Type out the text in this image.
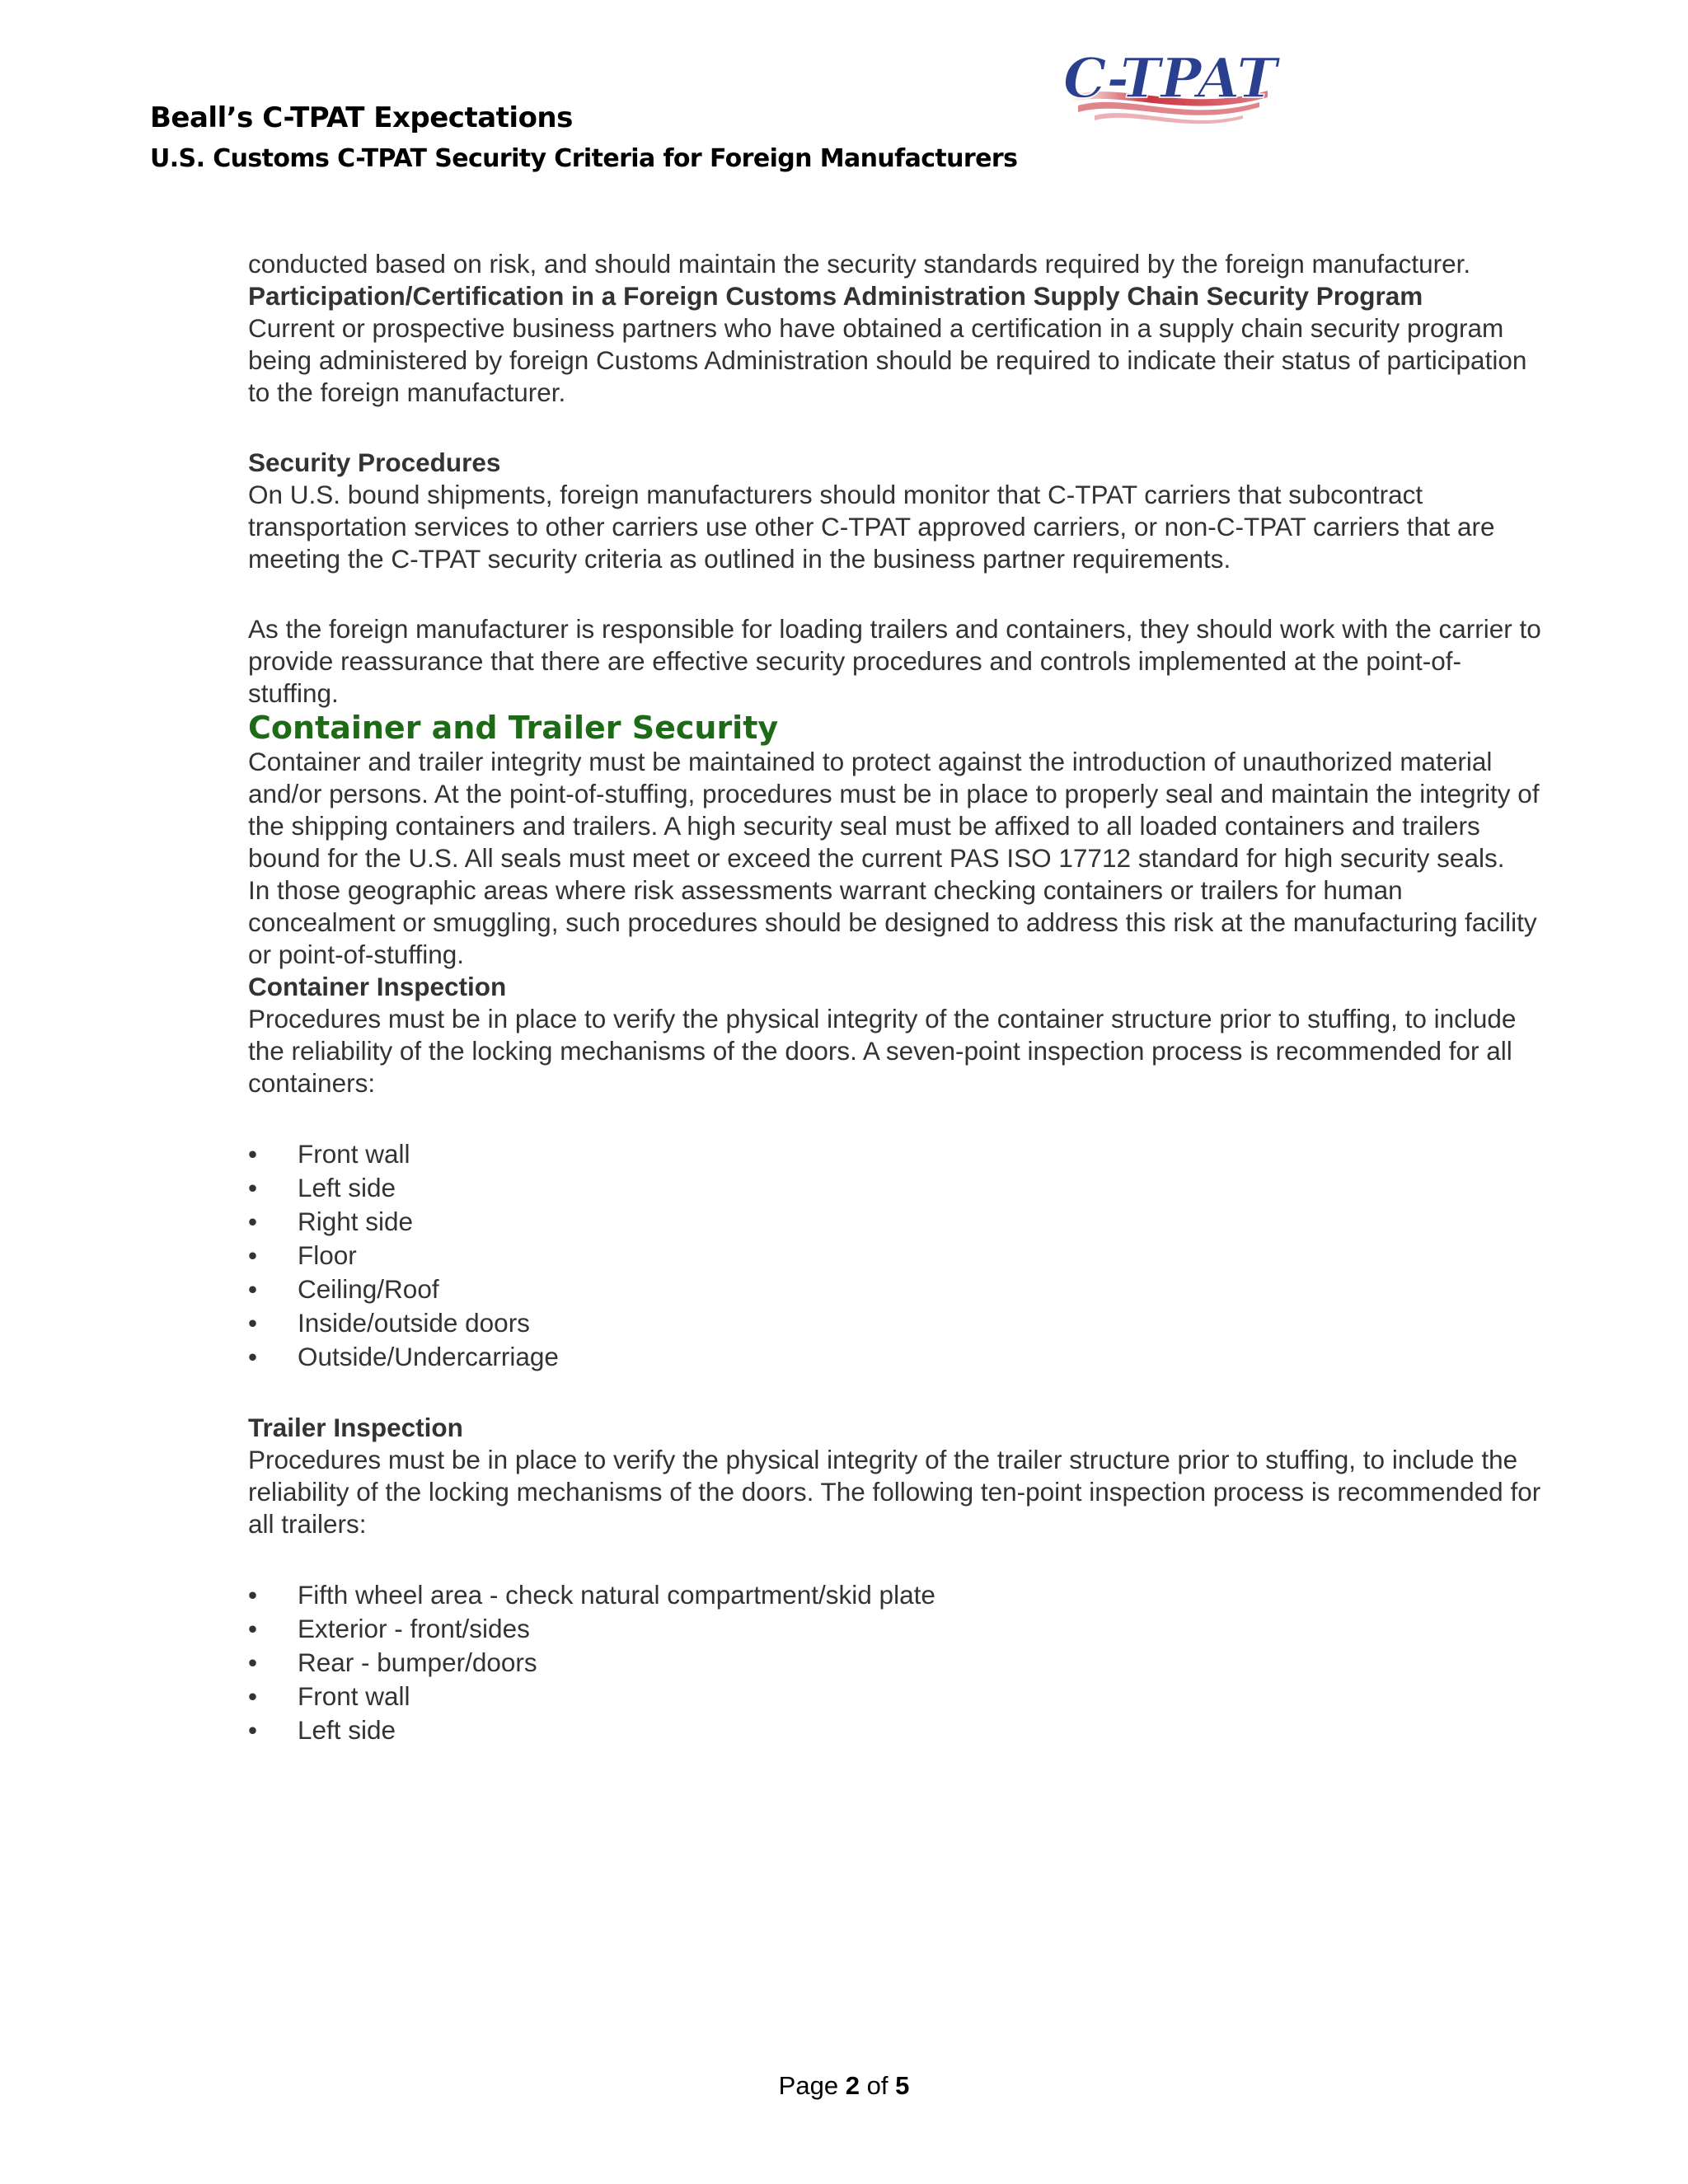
Beall’s C-TPAT Expectations
U.S. Customs C-TPAT Security Criteria for Foreign Manufacturers
C-TPAT

conducted based on risk, and should maintain the security standards required by the foreign manufacturer.

Participation/Certification in a Foreign Customs Administration Supply Chain Security Program

Current or prospective business partners who have obtained a certification in a supply chain security program being administered by foreign Customs Administration should be required to indicate their status of participation to the foreign manufacturer.

Security Procedures

On U.S. bound shipments, foreign manufacturers should monitor that C-TPAT carriers that subcontract transportation services to other carriers use other C-TPAT approved carriers, or non-C-TPAT carriers that are meeting the C-TPAT security criteria as outlined in the business partner requirements.

As the foreign manufacturer is responsible for loading trailers and containers, they should work with the carrier to provide reassurance that there are effective security procedures and controls implemented at the point-of-stuffing.

Container and Trailer Security

Container and trailer integrity must be maintained to protect against the introduction of unauthorized material and/or persons. At the point-of-stuffing, procedures must be in place to properly seal and maintain the integrity of the shipping containers and trailers. A high security seal must be affixed to all loaded containers and trailers bound for the U.S. All seals must meet or exceed the current PAS ISO 17712 standard for high security seals.

In those geographic areas where risk assessments warrant checking containers or trailers for human concealment or smuggling, such procedures should be designed to address this risk at the manufacturing facility or point-of-stuffing.

Container Inspection

Procedures must be in place to verify the physical integrity of the container structure prior to stuffing, to include the reliability of the locking mechanisms of the doors. A seven-point inspection process is recommended for all containers:

• Front wall
• Left side
• Right side
• Floor
• Ceiling/Roof
• Inside/outside doors
• Outside/Undercarriage

Trailer Inspection

Procedures must be in place to verify the physical integrity of the trailer structure prior to stuffing, to include the reliability of the locking mechanisms of the doors. The following ten-point inspection process is recommended for all trailers:

• Fifth wheel area - check natural compartment/skid plate
• Exterior - front/sides
• Rear - bumper/doors
• Front wall
• Left side
Page 2 of 5
